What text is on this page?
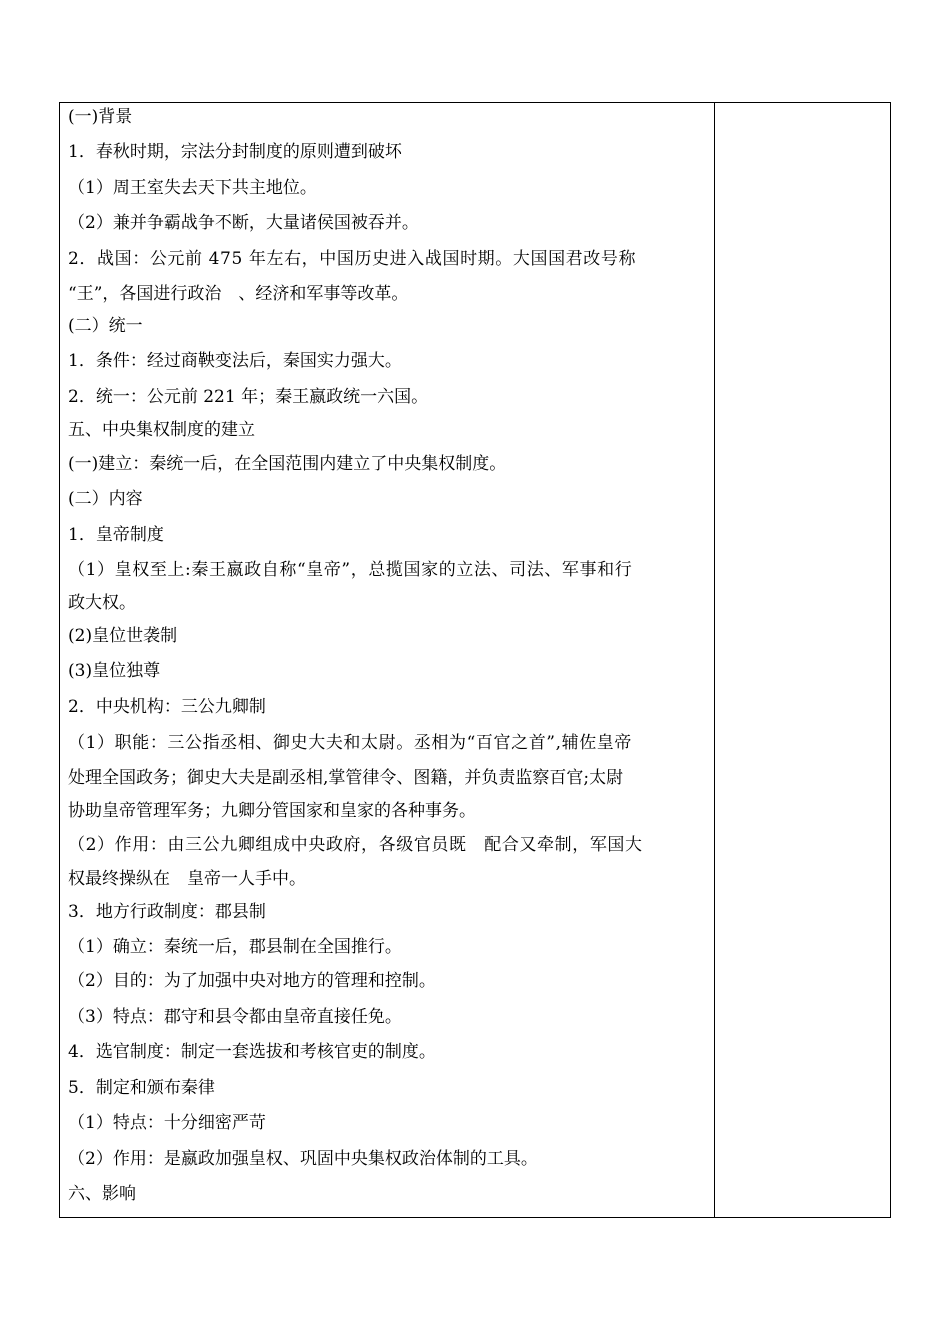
(一)背景
1．春秋时期，宗法分封制度的原则遭到破坏
（1）周王室失去天下共主地位。
（2）兼并争霸战争不断，大量诸侯国被吞并。
2．战国：公元前 475 年左右，中国历史进入战国时期。大国国君改号称
“王”，各国进行政治　、经济和军事等改革。
(二）统一
1．条件：经过商鞅变法后，秦国实力强大。
2．统一：公元前 221 年；秦王嬴政统一六国。
五、中央集权制度的建立
(一)建立：秦统一后，在全国范围内建立了中央集权制度。
(二）内容
1．皇帝制度
（1）皇权至上:秦王嬴政自称“皇帝”，总揽国家的立法、司法、军事和行
政大权。
(2)皇位世袭制
(3)皇位独尊
2．中央机构：三公九卿制
（1）职能：三公指丞相、御史大夫和太尉。丞相为“百官之首”,辅佐皇帝
处理全国政务；御史大夫是副丞相,掌管律令、图籍，并负责监察百官;太尉
协助皇帝管理军务；九卿分管国家和皇家的各种事务。
（2）作用：由三公九卿组成中央政府，各级官员既　配合又牵制，军国大
权最终操纵在　皇帝一人手中。
3．地方行政制度：郡县制
（1）确立：秦统一后，郡县制在全国推行。
（2）目的：为了加强中央对地方的管理和控制。
（3）特点：郡守和县令都由皇帝直接任免。
4．选官制度：制定一套选拔和考核官吏的制度。
5．制定和颁布秦律
（1）特点：十分细密严苛
（2）作用：是嬴政加强皇权、巩固中央集权政治体制的工具。
六、影响
